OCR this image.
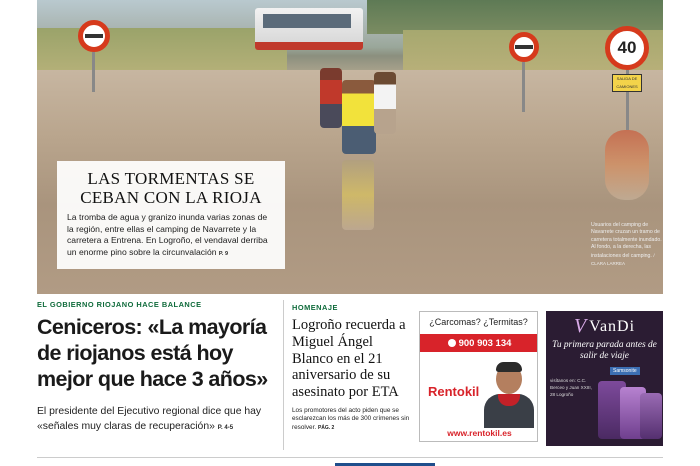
40
SALIDA DE CAMIONES
LAS TORMENTAS SE CEBAN CON LA RIOJA

La tromba de agua y granizo inunda varias zonas de la región, entre ellas el camping de Navarrete y la carretera a Entrena. En Logroño, el vendaval derriba un enorme pino sobre la circunvalación P. 9

Usuarios del camping de Navarrete cruzan un tramo de carretera totalmente inundado. Al fondo, a la derecha, las instalaciones del camping. / CLARA LARREA
EL GOBIERNO RIOJANO HACE BALANCE
Ceniceros: «La mayoría de riojanos está hoy mejor que hace 3 años»
El presidente del Ejecutivo regional dice que hay «señales muy claras de recuperación» P. 4-5
HOMENAJE
Logroño recuerda a Miguel Ángel Blanco en el 21 aniversario de su asesinato por ETA
Los promotores del acto piden que se esclarezcan los más de 300 crímenes sin resolver. PÁG. 2
¿Carcomas? ¿Termitas?
900 903 134
Rentokil
www.rentokil.es
V VanDi
Tu primera parada antes de salir de viaje
Samsonite
visítanos en: C.C. Berceo y Juan XXIII, 28 Logroño
